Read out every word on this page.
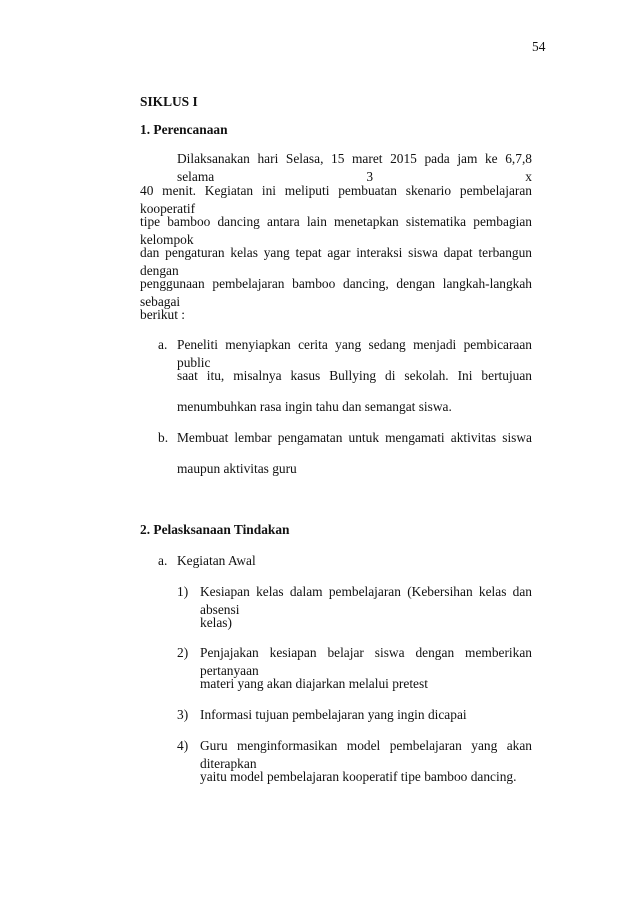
54
SIKLUS I
1. Perencanaan
Dilaksanakan hari Selasa, 15 maret 2015 pada jam ke 6,7,8 selama 3 x
40 menit. Kegiatan ini meliputi pembuatan skenario pembelajaran kooperatif
tipe bamboo dancing antara lain menetapkan sistematika pembagian kelompok
dan pengaturan kelas yang tepat agar interaksi siswa dapat terbangun dengan
penggunaan pembelajaran bamboo dancing, dengan langkah-langkah sebagai
berikut :
a. Peneliti menyiapkan cerita yang sedang menjadi pembicaraan public
saat itu, misalnya kasus Bullying di sekolah. Ini bertujuan
menumbuhkan rasa ingin tahu dan semangat siswa.
b. Membuat lembar pengamatan untuk mengamati aktivitas siswa
maupun aktivitas guru
2. Pelasksanaan Tindakan
a. Kegiatan Awal
1) Kesiapan kelas dalam pembelajaran (Kebersihan kelas dan absensi
kelas)
2) Penjajakan kesiapan belajar siswa dengan memberikan pertanyaan
materi yang akan diajarkan melalui pretest
3) Informasi tujuan pembelajaran yang ingin dicapai
4) Guru menginformasikan model pembelajaran yang akan diterapkan
yaitu model pembelajaran kooperatif tipe bamboo dancing.
